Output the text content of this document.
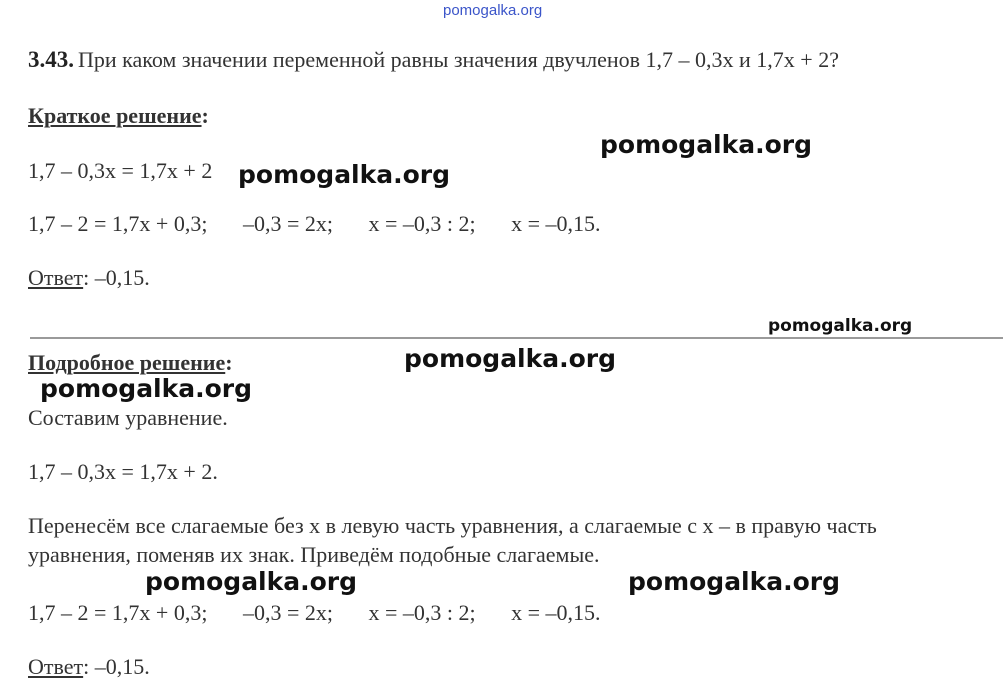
pomogalka.org
3.43. При каком значении переменной равны значения двучленов 1,7 – 0,3х и 1,7х + 2?
Краткое решение:
1,7 – 0,3х = 1,7х + 2
1,7 – 2 = 1,7х + 0,3; –0,3 = 2х; х = –0,3 : 2; х = –0,15.
Ответ: –0,15.
Подробное решение:
Составим уравнение.
1,7 – 0,3х = 1,7х + 2.
Перенесём все слагаемые без х в левую часть уравнения, а слагаемые с х – в правую часть
уравнения, поменяв их знак. Приведём подобные слагаемые.
1,7 – 2 = 1,7х + 0,3; –0,3 = 2х; х = –0,3 : 2; х = –0,15.
Ответ: –0,15.
pomogalka.org
pomogalka.org
pomogalka.org
pomogalka.org
pomogalka.org
pomogalka.org	pomogalka.org
